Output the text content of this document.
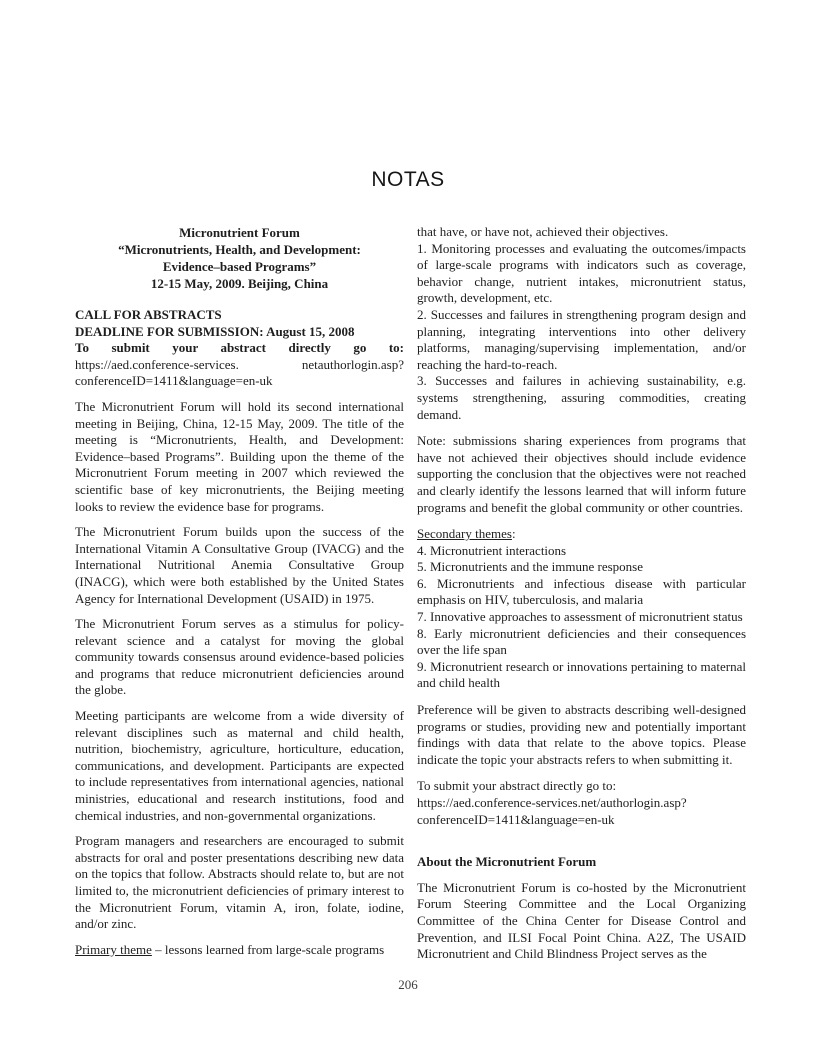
NOTAS

Micronutrient Forum

“Micronutrients, Health, and Development:

Evidence–based Programs”

12-15 May, 2009. Beijing, China

CALL FOR ABSTRACTS

DEADLINE FOR SUBMISSION: August 15, 2008

To submit your abstract directly go to: https://aed.conference-services. netauthorlogin.asp?conferenceID=1411&language=en-uk

The Micronutrient Forum will hold its second international meeting in Beijing, China, 12-15 May, 2009. The title of the meeting is “Micronutrients, Health, and Development: Evidence–based Programs”. Building upon the theme of the Micronutrient Forum meeting in 2007 which reviewed the scientific base of key micronutrients, the Beijing meeting looks to review the evidence base for programs.

The Micronutrient Forum builds upon the success of the International Vitamin A Consultative Group (IVACG) and the International Nutritional Anemia Consultative Group (INACG), which were both established by the United States Agency for International Development (USAID) in 1975.

The Micronutrient Forum serves as a stimulus for policy-relevant science and a catalyst for moving the global community towards consensus around evidence-based policies and programs that reduce micronutrient deficiencies around the globe.

Meeting participants are welcome from a wide diversity of relevant disciplines such as maternal and child health, nutrition, biochemistry, agriculture, horticulture, education, communications, and development. Participants are expected to include representatives from international agencies, national ministries, educational and research institutions, food and chemical industries, and non-governmental organizations.

Program managers and researchers are encouraged to submit abstracts for oral and poster presentations describing new data on the topics that follow. Abstracts should relate to, but are not limited to, the micronutrient deficiencies of primary interest to the Micronutrient Forum, vitamin A, iron, folate, iodine, and/or zinc.

Primary theme – lessons learned from large-scale programs

that have, or have not, achieved their objectives.

1. Monitoring processes and evaluating the outcomes/impacts of large-scale programs with indicators such as coverage, behavior change, nutrient intakes, micronutrient status, growth, development, etc.

2. Successes and failures in strengthening program design and planning, integrating interventions into other delivery platforms, managing/supervising implementation, and/or reaching the hard-to-reach.

3. Successes and failures in achieving sustainability, e.g. systems strengthening, assuring commodities, creating demand.

Note: submissions sharing experiences from programs that have not achieved their objectives should include evidence supporting the conclusion that the objectives were not reached and clearly identify the lessons learned that will inform future programs and benefit the global community or other countries.

Secondary themes:

4. Micronutrient interactions

5. Micronutrients and the immune response

6. Micronutrients and infectious disease with particular emphasis on HIV, tuberculosis, and malaria

7. Innovative approaches to assessment of micronutrient status

8. Early micronutrient deficiencies and their consequences over the life span

9. Micronutrient research or innovations pertaining to maternal and child health

Preference will be given to abstracts describing well-designed programs or studies, providing new and potentially important findings with data that relate to the above topics. Please indicate the topic your abstracts refers to when submitting it.

To submit your abstract directly go to:

https://aed.conference-services.net/authorlogin.asp?

conferenceID=1411&language=en-uk

About the Micronutrient Forum

The Micronutrient Forum is co-hosted by the Micronutrient Forum Steering Committee and the Local Organizing Committee of the China Center for Disease Control and Prevention, and ILSI Focal Point China. A2Z, The USAID Micronutrient and Child Blindness Project serves as the

206
